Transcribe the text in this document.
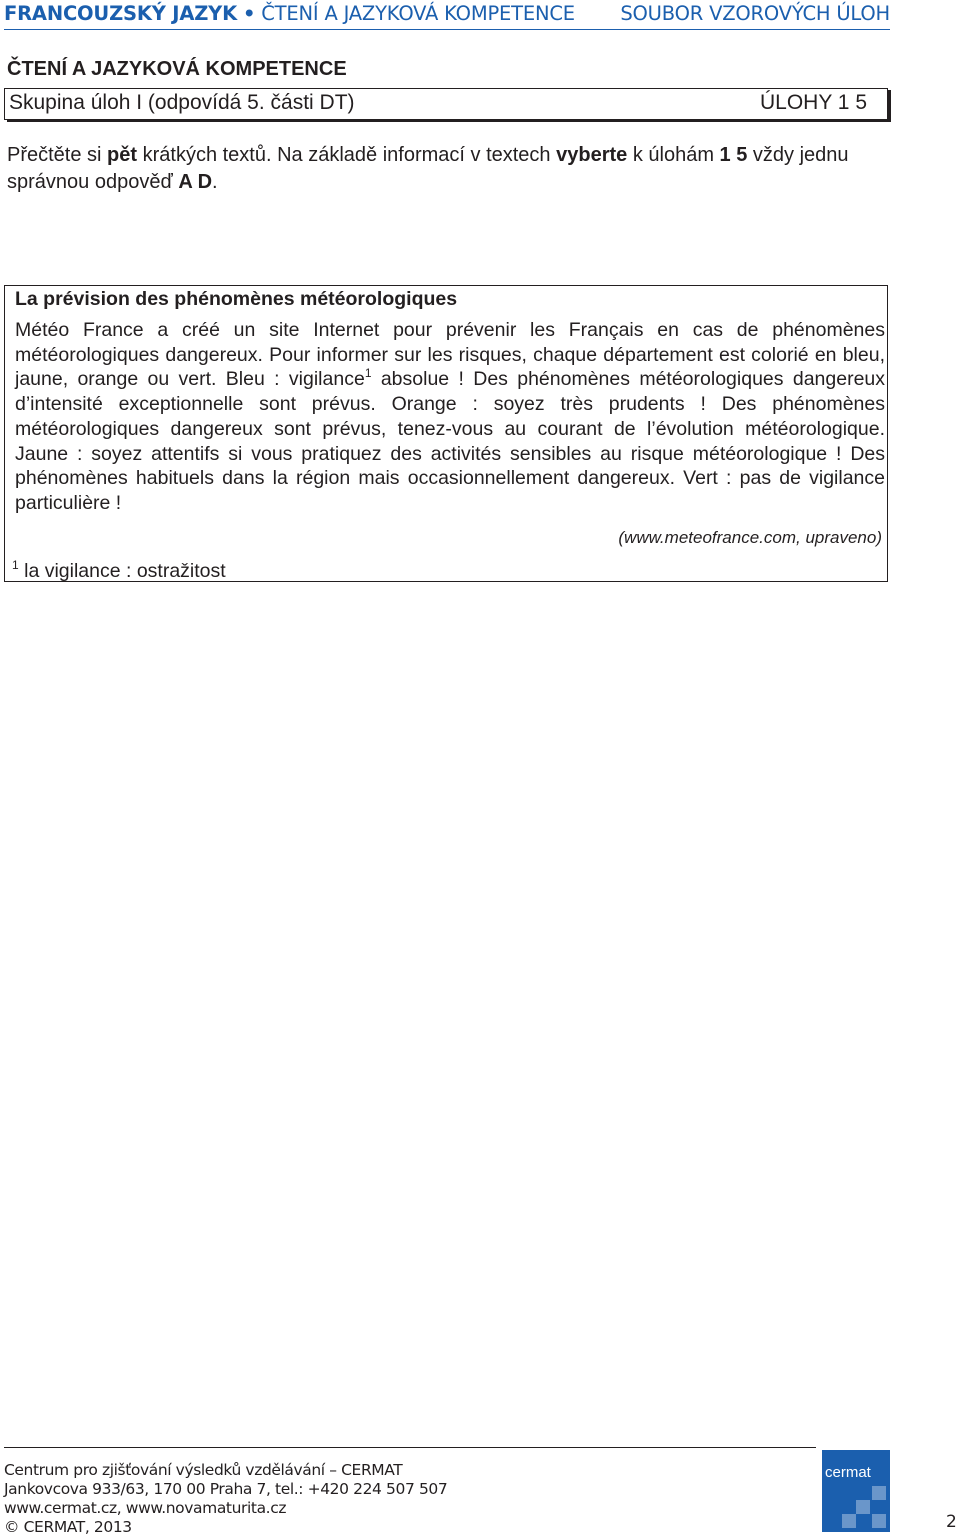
FRANCOUZSKÝ JAZYK • ČTENÍ A JAZYKOVÁ KOMPETENCE SOUBOR VZOROVÝCH ÚLOH
ČTENÍ A JAZYKOVÁ KOMPETENCE
Skupina úloh I (odpovídá 5. části DT)	ÚLOHY 1 5
Přečtěte si pět krátkých textů. Na základě informací v textech vyberte k úlohám 1 5 vždy jednu správnou odpověď A D.
La prévision des phénomènes météorologiques
Météo France a créé un site Internet pour prévenir les Français en cas de phénomènes météorologiques dangereux. Pour informer sur les risques, chaque département est colorié en bleu, jaune, orange ou vert. Bleu : vigilance$^1$ absolue ! Des phénomènes météorologiques dangereux d’intensité exceptionnelle sont prévus. Orange : soyez très prudents ! Des phénomènes météorologiques dangereux sont prévus, tenez-vous au courant de l’évolution météorologique. Jaune : soyez attentifs si vous pratiquez des activités sensibles au risque météorologique ! Des phénomènes habituels dans la région mais occasionnellement dangereux. Vert : pas de vigilance particulière !
(www.meteofrance.com, upraveno)
$^1$ la vigilance : ostražitost
Centrum pro zjišťování výsledků vzdělávání – CERMAT
Jankovcova 933/63, 170 00 Praha 7, tel.: +420 224 507 507
www.cermat.cz, www.novamaturita.cz
© CERMAT, 2013
cermat
2
